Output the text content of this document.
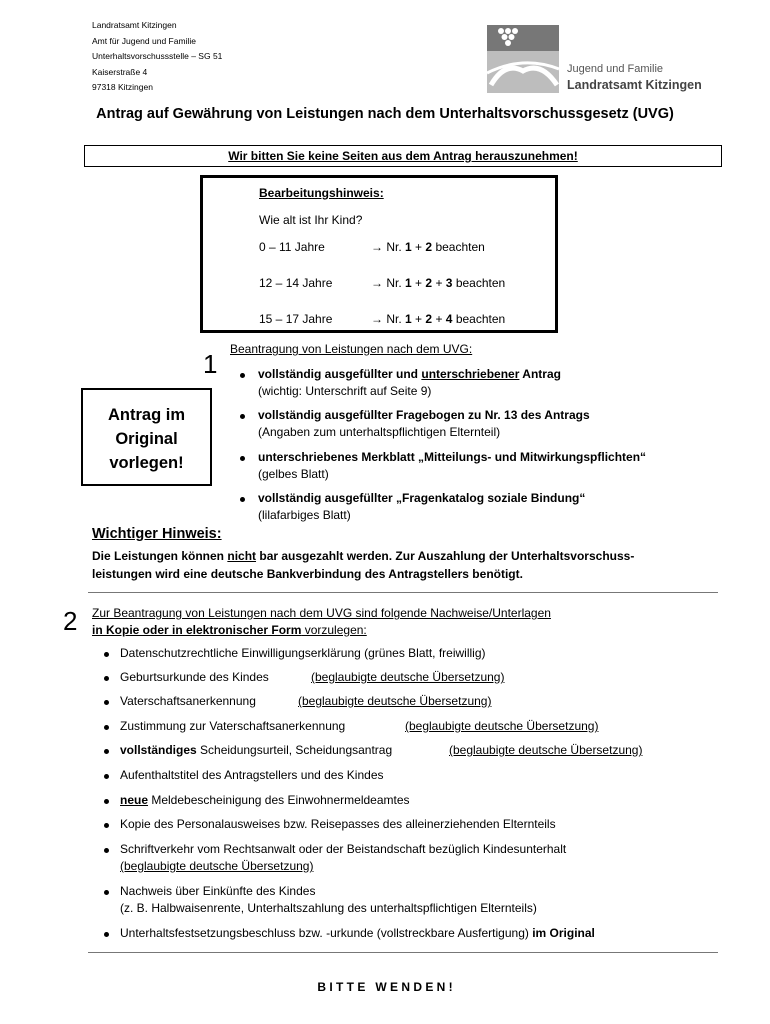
Landratsamt Kitzingen
Amt für Jugend und Familie
Unterhaltsvorschussstelle – SG 51
Kaiserstraße 4
97318 Kitzingen
Jugend und Familie
Landratsamt Kitzingen
Antrag auf Gewährung von Leistungen nach dem Unterhaltsvorschussgesetz (UVG)
Wir bitten Sie keine Seiten aus dem Antrag herauszunehmen!
Bearbeitungshinweis:
Wie alt ist Ihr Kind?
0 – 11 Jahre	→ Nr. 1 + 2 beachten
12 – 14 Jahre	→ Nr. 1 + 2 + 3 beachten
15 – 17 Jahre	→ Nr. 1 + 2 + 4 beachten
1 Beantragung von Leistungen nach dem UVG:
Antrag im
Original
vorlegen!
vollständig ausgefüllter und unterschriebener Antrag
(wichtig: Unterschrift auf Seite 9)
vollständig ausgefüllter Fragebogen zu Nr. 13 des Antrags
(Angaben zum unterhaltspflichtigen Elternteil)
unterschriebenes Merkblatt „Mitteilungs- und Mitwirkungspflichten“
(gelbes Blatt)
vollständig ausgefüllter „Fragenkatalog soziale Bindung“
(lilafarbiges Blatt)
Wichtiger Hinweis:
Die Leistungen können nicht bar ausgezahlt werden. Zur Auszahlung der Unterhaltsvorschuss-
leistungen wird eine deutsche Bankverbindung des Antragstellers benötigt.
2 Zur Beantragung von Leistungen nach dem UVG sind folgende Nachweise/Unterlagen
in Kopie oder in elektronischer Form vorzulegen:
Datenschutzrechtliche Einwilligungserklärung (grünes Blatt, freiwillig)
Geburtsurkunde des Kindes	(beglaubigte deutsche Übersetzung)
Vaterschaftsanerkennung	(beglaubigte deutsche Übersetzung)
Zustimmung zur Vaterschaftsanerkennung	(beglaubigte deutsche Übersetzung)
vollständiges Scheidungsurteil, Scheidungsantrag	(beglaubigte deutsche Übersetzung)
Aufenthaltstitel des Antragstellers und des Kindes
neue Meldebescheinigung des Einwohnermeldeamtes
Kopie des Personalausweises bzw. Reisepasses des alleinerziehenden Elternteils
Schriftverkehr vom Rechtsanwalt oder der Beistandschaft bezüglich Kindesunterhalt
(beglaubigte deutsche Übersetzung)
Nachweis über Einkünfte des Kindes
(z. B. Halbwaisenrente, Unterhaltszahlung des unterhaltspflichtigen Elternteils)
Unterhaltsfestsetzungsbeschluss bzw. -urkunde (vollstreckbare Ausfertigung) im Original
B I T T E   W E N D E N !
